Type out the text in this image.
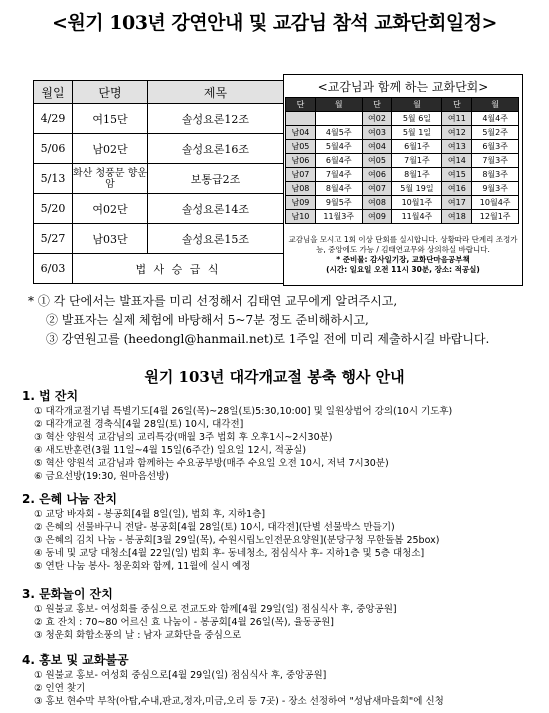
<원기 103년 강연안내 및 교감님 참석 교화단회일정>
월일	단명	제목
4/29	여15단	솔성요론12조
5/06	남02단	솔성요론16조
5/13	화산 청풍문 향운암	보통급2조
5/20	여02단	솔성요론14조
5/27	남03단	솔성요론15조
6/03	법 사 승 급 식	
<교감님과 함께 하는 교화단회>
단	월	단	월	단	월
		여02	5월 6일	여11	4월4주
남04	4월5주	여03	5월 1일	여12	5월2주
남05	5월4주	여04	6월1주	여13	6월3주
남06	6월4주	여05	7월1주	여14	7월3주
남07	7월4주	여06	8월1주	여15	8월3주
남08	8월4주	여07	5월 19일	여16	9월3주
남09	9월5주	여08	10월1주	여17	10월4주
남10	11월3주	여09	11월4주	여18	12월1주
교감님을 모시고 1회 이상 단회를 실시합니다. 상황따라 단계리 조정가능, 중앙에도 가능 / 김태연교무와 상의하실 바랍니다.
* 준비물: 감사일기장, 교화단마음공부책
(시간: 일요일 오전 11시 30분, 장소: 적공실)
* ① 각 단에서는 발표자를 미리 선정해서 김태연 교무에게 알려주시고,
② 발표자는 실제 체험에 바탕해서 5~7분 정도 준비해하시고,
③ 강연원고를 (heedongl@hanmail.net)로 1주일 전에 미리 제출하시길 바랍니다.
원기 103년 대각개교절 봉축 행사 안내
1. 법 잔치
① 대각개교절기념 특별기도[4월 26일(목)~28일(토)5:30,10:00] 및 일원상법어 강의(10시 기도후)
② 대각개교절 경축식[4월 28일(토) 10시, 대각전]
③ 혁산 양원석 교감님의 교리특강(매월 3주 법회 후 오후1시~2시30분)
④ 새도반훈련(3월 11일~4월 15일(6주간) 일요일 12시, 적공실)
⑤ 혁산 양원석 교감님과 함께하는 수요공부방(매주 수요일 오전 10시, 저녁 7시30분)
⑥ 금요선방(19:30, 원마음선방)
2. 은혜 나눔 잔치
① 교당 바자회 - 봉공회[4월 8일(일), 법회 후, 지하1층]
② 은혜의 선물바구니 전달- 봉공회[4월 28일(토) 10시, 대각전](단별 선물박스 만들기)
③ 은혜의 김치 나눔 - 봉공회[3월 29일(목), 수원시립노인전문요양원](분당구청 무한돌봄 25box)
④ 동네 및 교당 대청소[4월 22일(일) 법회 후- 동네청소, 점심식사 후- 지하1층 및 5층 대청소]
⑤ 연탄 나눔 봉사- 청운회와 함께, 11월에 실시 예정
3. 문화놀이 잔치
① 원불교 홍보- 여성회를 중심으로 전교도와 함께[4월 29일(일) 점심식사 후, 중앙공원]
② 효 잔치 : 70~80 어르신 효 나눔이 - 봉공회[4월 26일(목), 율동공원]
③ 청운회 화합소풍의 날 : 남자 교화단을 중심으로
4. 홍보 및 교화불공
① 원불교 홍보- 여성회 중심으로[4월 29일(일) 점심식사 후, 중앙공원]
② 인연 찾기
③ 홍보 현수막 부착(아탑,수내,판교,정자,미금,오리 등 7곳) - 장소 선정하여 "성남새마을회"에 신청
